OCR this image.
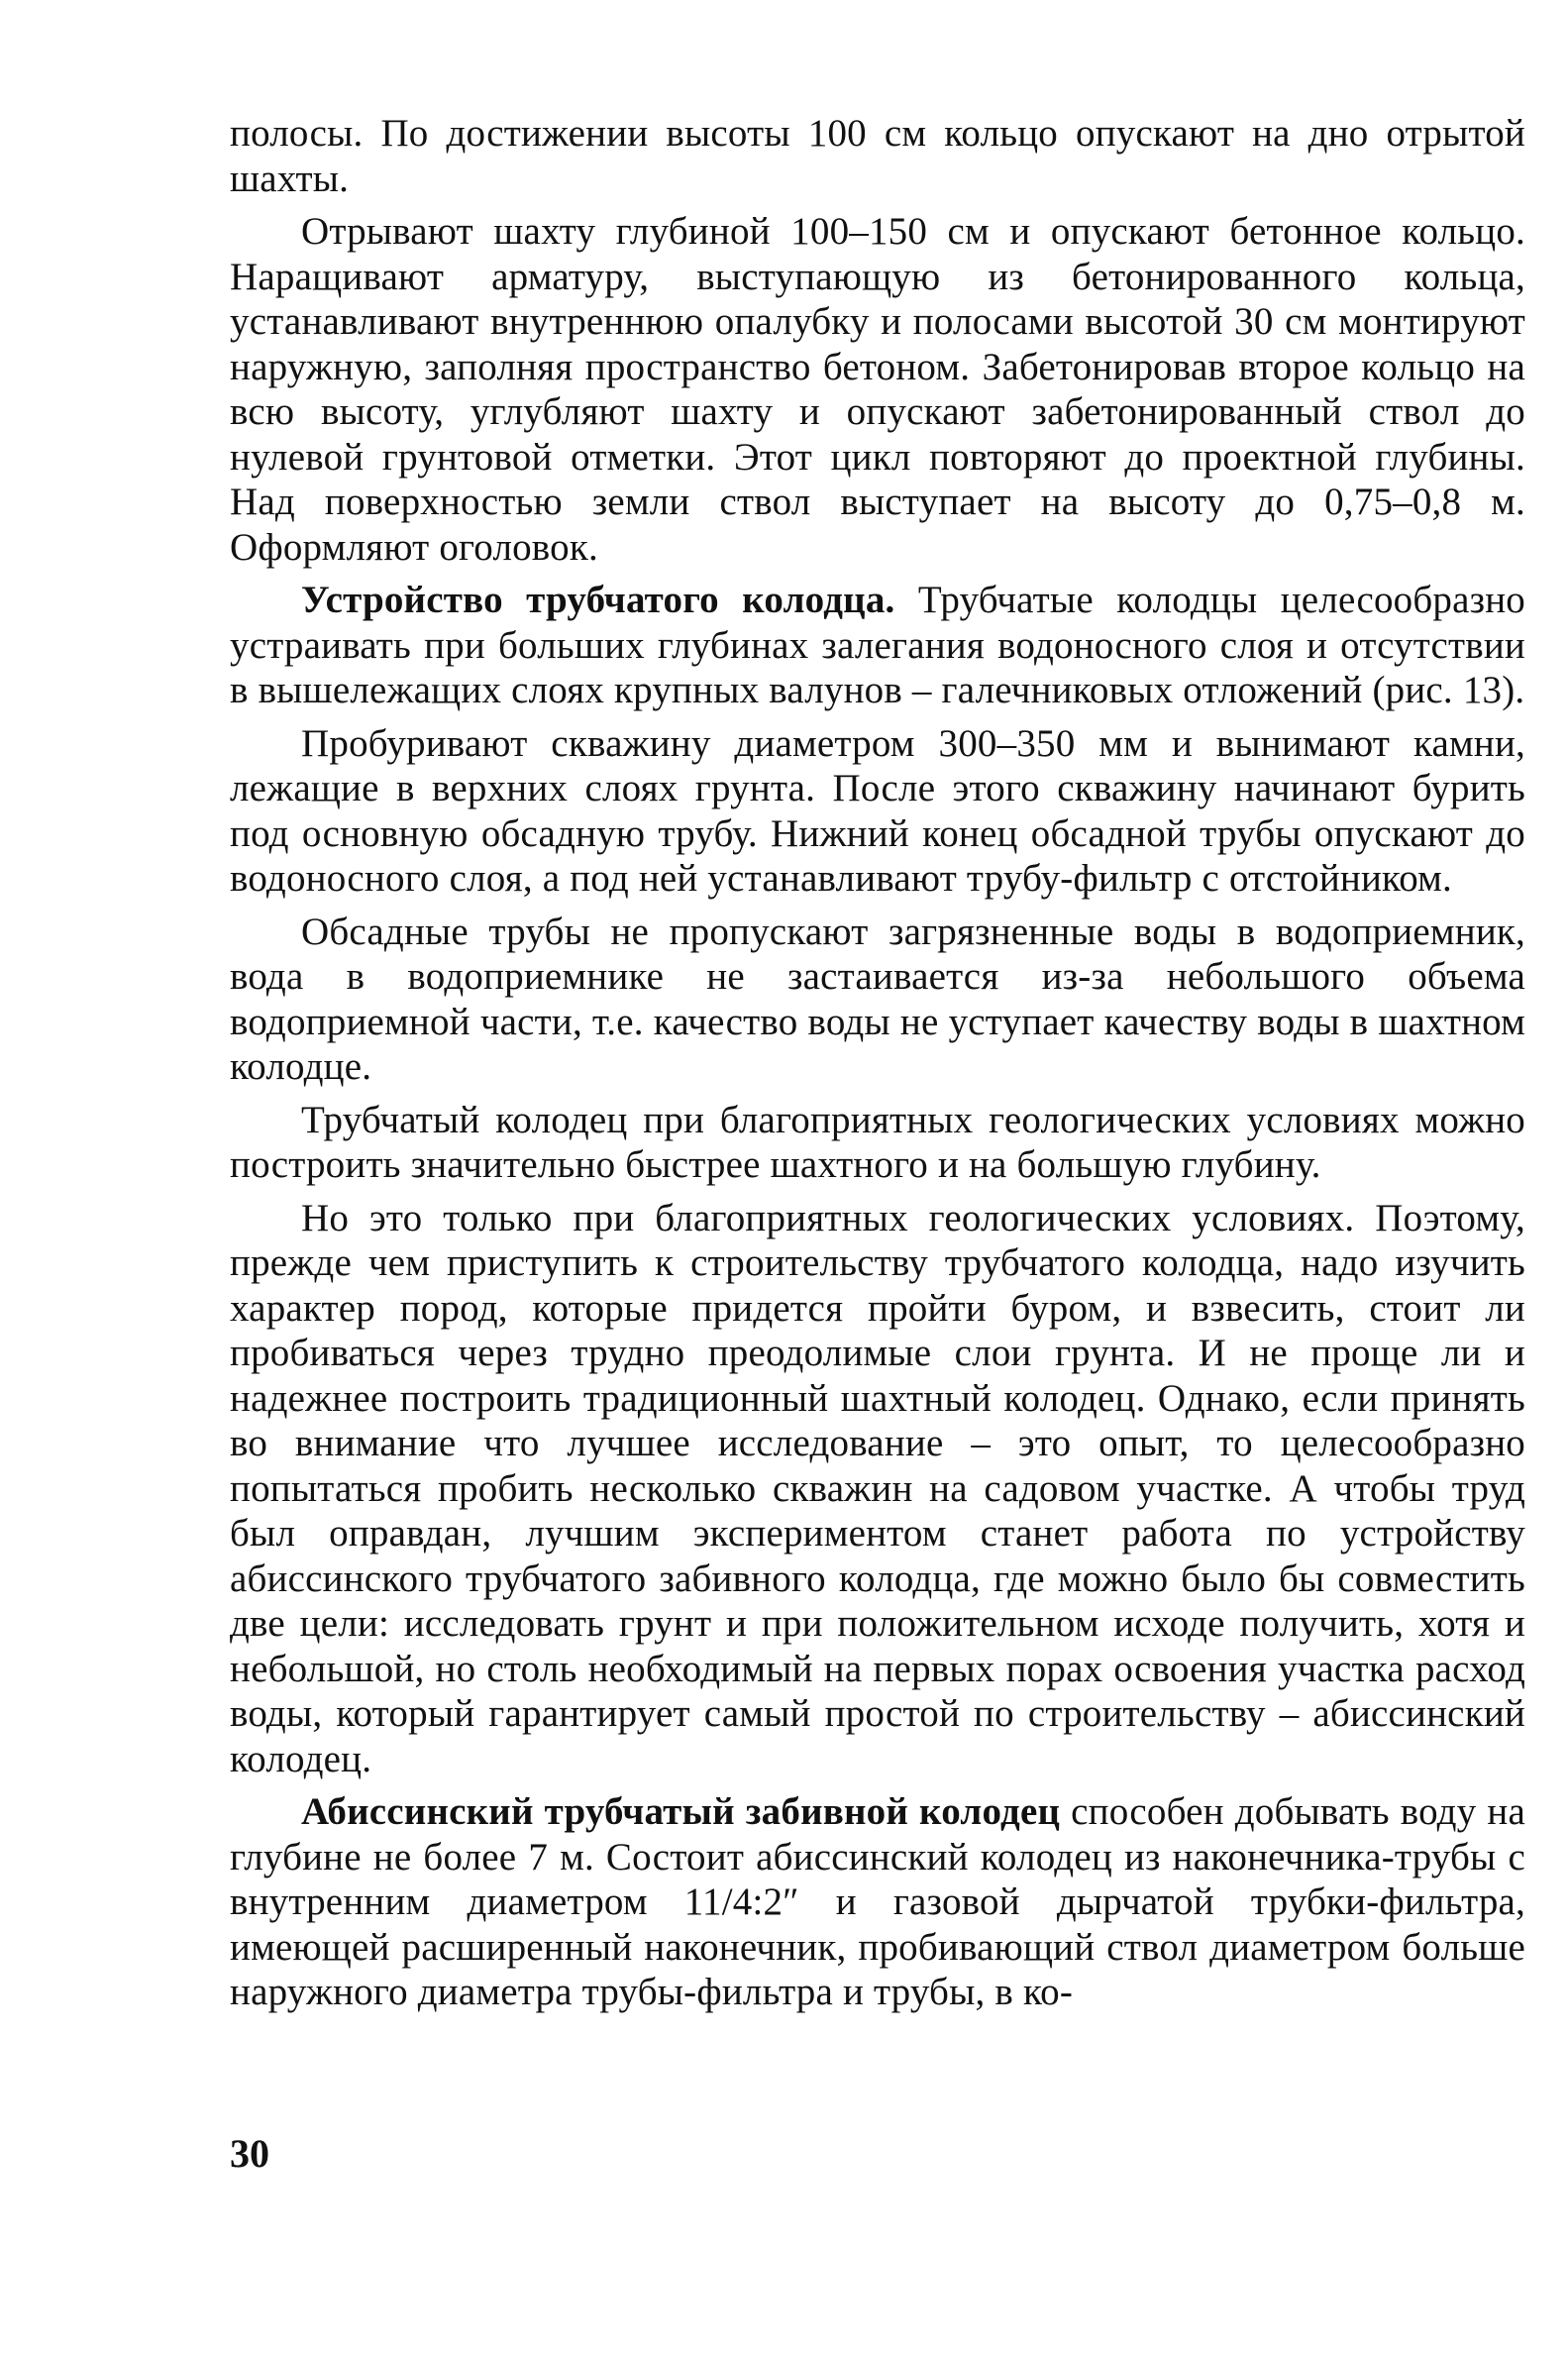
полосы. По достижении высоты 100 см кольцо опускают на дно отрытой шахты.

Отрывают шахту глубиной 100–150 см и опускают бетонное кольцо. Наращивают арматуру, выступающую из бетонированного кольца, устанавливают внутреннюю опалубку и полосами высотой 30 см монтируют наружную, заполняя пространство бетоном. Забетонировав второе кольцо на всю высоту, углубляют шахту и опускают забетонированный ствол до нулевой грунтовой отметки. Этот цикл повторяют до проектной глубины. Над поверхностью земли ствол выступает на высоту до 0,75–0,8 м. Оформляют оголовок.

Устройство трубчатого колодца. Трубчатые колодцы целесообразно устраивать при больших глубинах залегания водоносного слоя и отсутствии в вышележащих слоях крупных валунов – галечниковых отложений (рис. 13).

Пробуривают скважину диаметром 300–350 мм и вынимают камни, лежащие в верхних слоях грунта. После этого скважину начинают бурить под основную обсадную трубу. Нижний конец обсадной трубы опускают до водоносного слоя, а под ней устанавливают трубу-фильтр с отстойником.

Обсадные трубы не пропускают загрязненные воды в водоприемник, вода в водоприемнике не застаивается из-за небольшого объема водоприемной части, т.е. качество воды не уступает качеству воды в шахтном колодце.

Трубчатый колодец при благоприятных геологических условиях можно построить значительно быстрее шахтного и на большую глубину.

Но это только при благоприятных геологических условиях. Поэтому, прежде чем приступить к строительству трубчатого колодца, надо изучить характер пород, которые придется пройти буром, и взвесить, стоит ли пробиваться через трудно преодолимые слои грунта. И не проще ли и надежнее построить традиционный шахтный колодец. Однако, если принять во внимание что лучшее исследование – это опыт, то целесообразно попытаться пробить несколько скважин на садовом участке. А чтобы труд был оправдан, лучшим экспериментом станет работа по устройству абиссинского трубчатого забивного колодца, где можно было бы совместить две цели: исследовать грунт и при положительном исходе получить, хотя и небольшой, но столь необходимый на первых порах освоения участка расход воды, который гарантирует самый простой по строительству – абиссинский колодец.

Абиссинский трубчатый забивной колодец способен добывать воду на глубине не более 7 м. Состоит абиссинский колодец из наконечника-трубы с внутренним диаметром 11/4:2″ и газовой дырчатой трубки-фильтра, имеющей расширенный наконечник, пробивающий ствол диаметром больше наружного диаметра трубы-фильтра и трубы, в ко-

30
